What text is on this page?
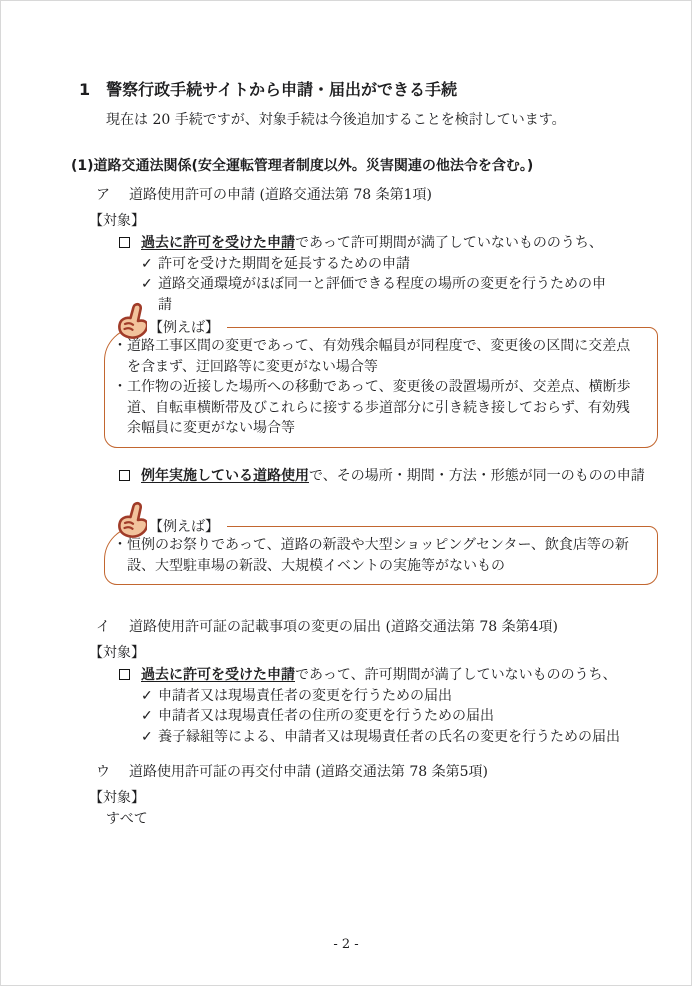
1　警察行政手続サイトから申請・届出ができる手続

現在は 20 手続ですが、対象手続は今後追加することを検討しています。

(1)道路交通法関係(安全運転管理者制度以外。災害関連の他法令を含む。)
ア 道路使用許可の申請 (道路交通法第 78 条第1項)
【対象】
過去に許可を受けた申請であって許可期間が満了していないもののうち、
✓ 許可を受けた期間を延長するための申請
✓ 道路交通環境がほぼ同一と評価できる程度の場所の変更を行うための申請
【例えば】
・道路工事区間の変更であって、有効残余幅員が同程度で、変更後の区間に交差点を含まず、迂回路等に変更がない場合等
・工作物の近接した場所への移動であって、変更後の設置場所が、交差点、横断歩道、自転車横断帯及びこれらに接する歩道部分に引き続き接しておらず、有効残余幅員に変更がない場合等
例年実施している道路使用で、その場所・期間・方法・形態が同一のものの申請
【例えば】
・恒例のお祭りであって、道路の新設や大型ショッピングセンター、飲食店等の新設、大型駐車場の新設、大規模イベントの実施等がないもの
イ 道路使用許可証の記載事項の変更の届出 (道路交通法第 78 条第4項)
【対象】
過去に許可を受けた申請であって、許可期間が満了していないもののうち、
✓ 申請者又は現場責任者の変更を行うための届出
✓ 申請者又は現場責任者の住所の変更を行うための届出
✓ 養子縁組等による、申請者又は現場責任者の氏名の変更を行うための届出
ウ 道路使用許可証の再交付申請 (道路交通法第 78 条第5項)
【対象】
すべて
- 2 -
